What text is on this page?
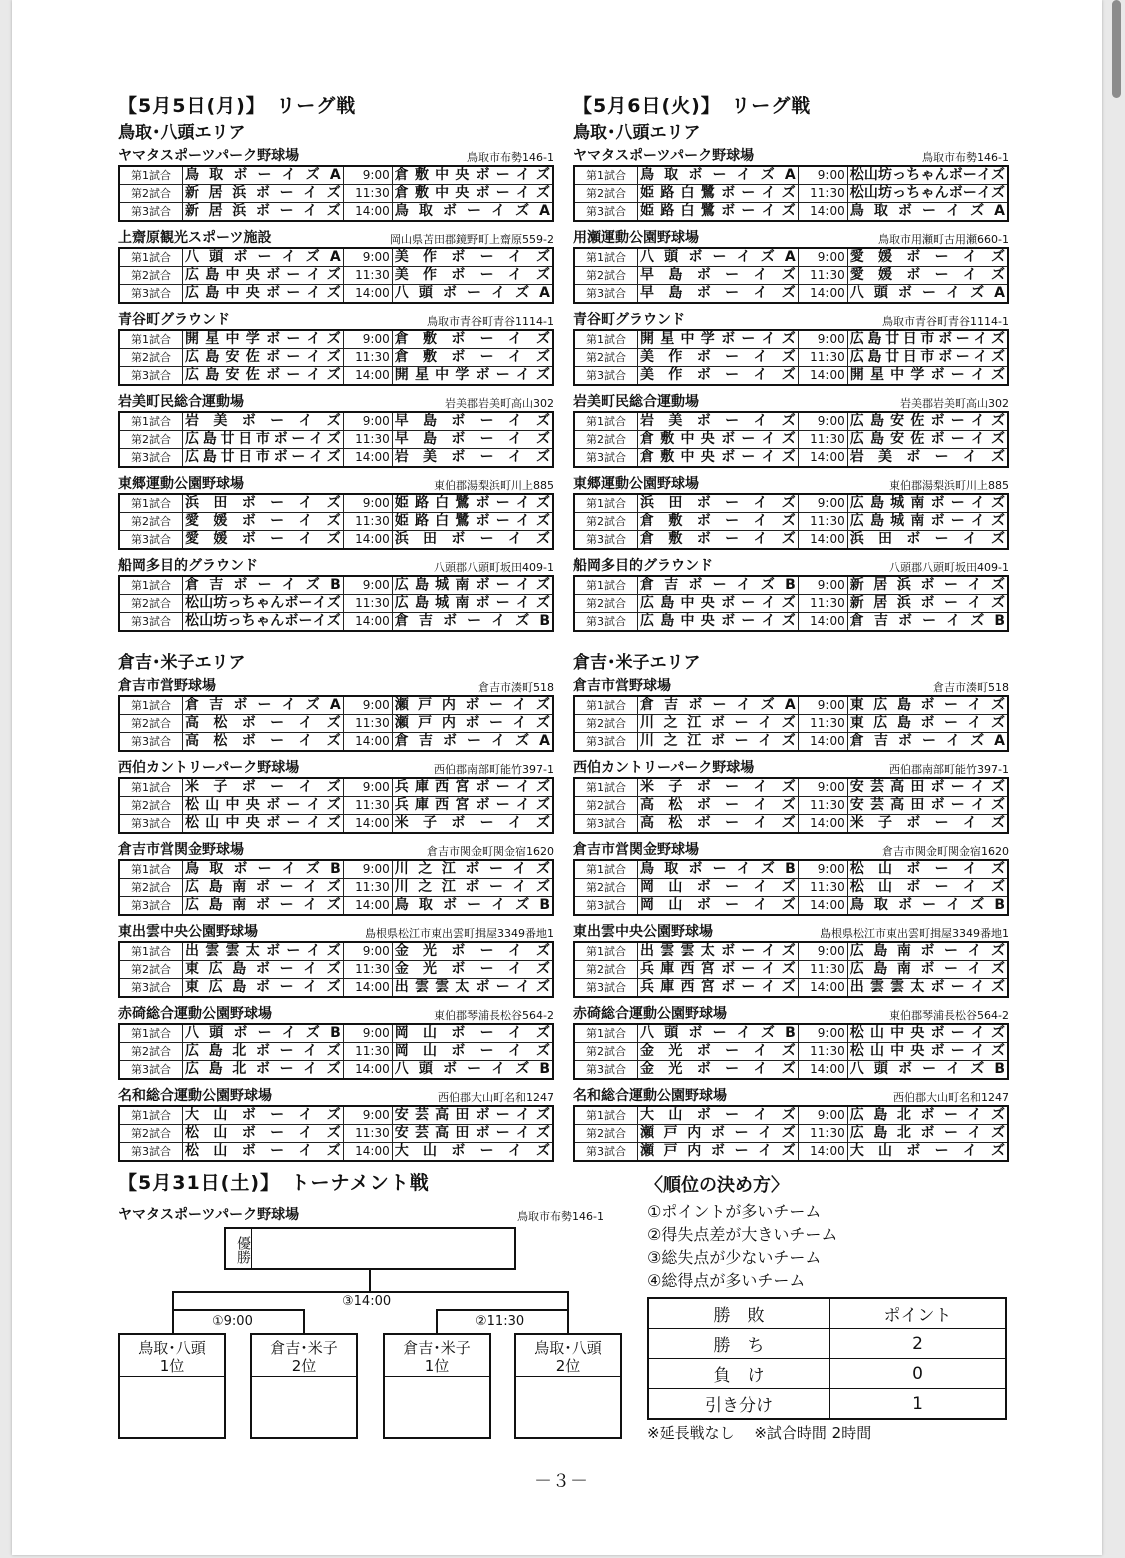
【5月5日(月)】　リーグ戦
鳥取･八頭エリア
ヤマタスポーツパーク野球場	鳥取市布勢146-1
第1試合	鳥取ボーイズA	9:00	倉敷中央ボーイズ
第2試合	新居浜ボーイズ	11:30	倉敷中央ボーイズ
第3試合	新居浜ボーイズ	14:00	鳥取ボーイズA
上齋原観光スポーツ施設	岡山県苫田郡鏡野町上齋原559-2
第1試合	八頭ボーイズA	9:00	美作ボーイズ
第2試合	広島中央ボーイズ	11:30	美作ボーイズ
第3試合	広島中央ボーイズ	14:00	八頭ボーイズA
青谷町グラウンド	鳥取市青谷町青谷1114-1
第1試合	開星中学ボーイズ	9:00	倉敷ボーイズ
第2試合	広島安佐ボーイズ	11:30	倉敷ボーイズ
第3試合	広島安佐ボーイズ	14:00	開星中学ボーイズ
岩美町民総合運動場	岩美郡岩美町高山302
第1試合	岩美ボーイズ	9:00	早島ボーイズ
第2試合	広島廿日市ボーイズ	11:30	早島ボーイズ
第3試合	広島廿日市ボーイズ	14:00	岩美ボーイズ
東郷運動公園野球場	東伯郡湯梨浜町川上885
第1試合	浜田ボーイズ	9:00	姫路白鷺ボーイズ
第2試合	愛媛ボーイズ	11:30	姫路白鷺ボーイズ
第3試合	愛媛ボーイズ	14:00	浜田ボーイズ
船岡多目的グラウンド	八頭郡八頭町坂田409-1
第1試合	倉吉ボーイズB	9:00	広島城南ボーイズ
第2試合	松山坊っちゃんボーイズ	11:30	広島城南ボーイズ
第3試合	松山坊っちゃんボーイズ	14:00	倉吉ボーイズB
倉吉･米子エリア
倉吉市営野球場	倉吉市湊町518
第1試合	倉吉ボーイズA	9:00	瀬戸内ボーイズ
第2試合	高松ボーイズ	11:30	瀬戸内ボーイズ
第3試合	高松ボーイズ	14:00	倉吉ボーイズA
西伯カントリーパーク野球場	西伯郡南部町能竹397-1
第1試合	米子ボーイズ	9:00	兵庫西宮ボーイズ
第2試合	松山中央ボーイズ	11:30	兵庫西宮ボーイズ
第3試合	松山中央ボーイズ	14:00	米子ボーイズ
倉吉市営関金野球場	倉吉市関金町関金宿1620
第1試合	鳥取ボーイズB	9:00	川之江ボーイズ
第2試合	広島南ボーイズ	11:30	川之江ボーイズ
第3試合	広島南ボーイズ	14:00	鳥取ボーイズB
東出雲中央公園野球場	島根県松江市東出雲町揖屋3349番地1
第1試合	出雲雲太ボーイズ	9:00	金光ボーイズ
第2試合	東広島ボーイズ	11:30	金光ボーイズ
第3試合	東広島ボーイズ	14:00	出雲雲太ボーイズ
赤碕総合運動公園野球場	東伯郡琴浦長松谷564-2
第1試合	八頭ボーイズB	9:00	岡山ボーイズ
第2試合	広島北ボーイズ	11:30	岡山ボーイズ
第3試合	広島北ボーイズ	14:00	八頭ボーイズB
名和総合運動公園野球場	西伯郡大山町名和1247
第1試合	大山ボーイズ	9:00	安芸高田ボーイズ
第2試合	松山ボーイズ	11:30	安芸高田ボーイズ
第3試合	松山ボーイズ	14:00	大山ボーイズ
【5月6日(火)】　リーグ戦
鳥取･八頭エリア
ヤマタスポーツパーク野球場	鳥取市布勢146-1
第1試合	鳥取ボーイズA	9:00	松山坊っちゃんボーイズ
第2試合	姫路白鷺ボーイズ	11:30	松山坊っちゃんボーイズ
第3試合	姫路白鷺ボーイズ	14:00	鳥取ボーイズA
用瀬運動公園野球場	鳥取市用瀬町古用瀬660-1
第1試合	八頭ボーイズA	9:00	愛媛ボーイズ
第2試合	早島ボーイズ	11:30	愛媛ボーイズ
第3試合	早島ボーイズ	14:00	八頭ボーイズA
青谷町グラウンド	鳥取市青谷町青谷1114-1
第1試合	開星中学ボーイズ	9:00	広島廿日市ボーイズ
第2試合	美作ボーイズ	11:30	広島廿日市ボーイズ
第3試合	美作ボーイズ	14:00	開星中学ボーイズ
岩美町民総合運動場	岩美郡岩美町高山302
第1試合	岩美ボーイズ	9:00	広島安佐ボーイズ
第2試合	倉敷中央ボーイズ	11:30	広島安佐ボーイズ
第3試合	倉敷中央ボーイズ	14:00	岩美ボーイズ
東郷運動公園野球場	東伯郡湯梨浜町川上885
第1試合	浜田ボーイズ	9:00	広島城南ボーイズ
第2試合	倉敷ボーイズ	11:30	広島城南ボーイズ
第3試合	倉敷ボーイズ	14:00	浜田ボーイズ
船岡多目的グラウンド	八頭郡八頭町坂田409-1
第1試合	倉吉ボーイズB	9:00	新居浜ボーイズ
第2試合	広島中央ボーイズ	11:30	新居浜ボーイズ
第3試合	広島中央ボーイズ	14:00	倉吉ボーイズB
倉吉･米子エリア
倉吉市営野球場	倉吉市湊町518
第1試合	倉吉ボーイズA	9:00	東広島ボーイズ
第2試合	川之江ボーイズ	11:30	東広島ボーイズ
第3試合	川之江ボーイズ	14:00	倉吉ボーイズA
西伯カントリーパーク野球場	西伯郡南部町能竹397-1
第1試合	米子ボーイズ	9:00	安芸高田ボーイズ
第2試合	高松ボーイズ	11:30	安芸高田ボーイズ
第3試合	高松ボーイズ	14:00	米子ボーイズ
倉吉市営関金野球場	倉吉市関金町関金宿1620
第1試合	鳥取ボーイズB	9:00	松山ボーイズ
第2試合	岡山ボーイズ	11:30	松山ボーイズ
第3試合	岡山ボーイズ	14:00	鳥取ボーイズB
東出雲中央公園野球場	島根県松江市東出雲町揖屋3349番地1
第1試合	出雲雲太ボーイズ	9:00	広島南ボーイズ
第2試合	兵庫西宮ボーイズ	11:30	広島南ボーイズ
第3試合	兵庫西宮ボーイズ	14:00	出雲雲太ボーイズ
赤碕総合運動公園野球場	東伯郡琴浦長松谷564-2
第1試合	八頭ボーイズB	9:00	松山中央ボーイズ
第2試合	金光ボーイズ	11:30	松山中央ボーイズ
第3試合	金光ボーイズ	14:00	八頭ボーイズB
名和総合運動公園野球場	西伯郡大山町名和1247
第1試合	大山ボーイズ	9:00	広島北ボーイズ
第2試合	瀬戸内ボーイズ	11:30	広島北ボーイズ
第3試合	瀬戸内ボーイズ	14:00	大山ボーイズ
【5月31日(土)】　トーナメント戦
ヤマタスポーツパーク野球場	鳥取市布勢146-1
優勝
③14:00
①9:00	②11:30
鳥取･八頭
1位
倉吉･米子
2位
倉吉･米子
1位
鳥取･八頭
2位
〈順位の決め方〉
①ポイントが多いチーム
②得失点差が大きいチーム
③総失点が少ないチーム
④総得点が多いチーム
勝　敗	ポイント
勝　ち	2
負　け	0
引き分け	1
※延長戦なし　 ※試合時間 2時間
－３－
